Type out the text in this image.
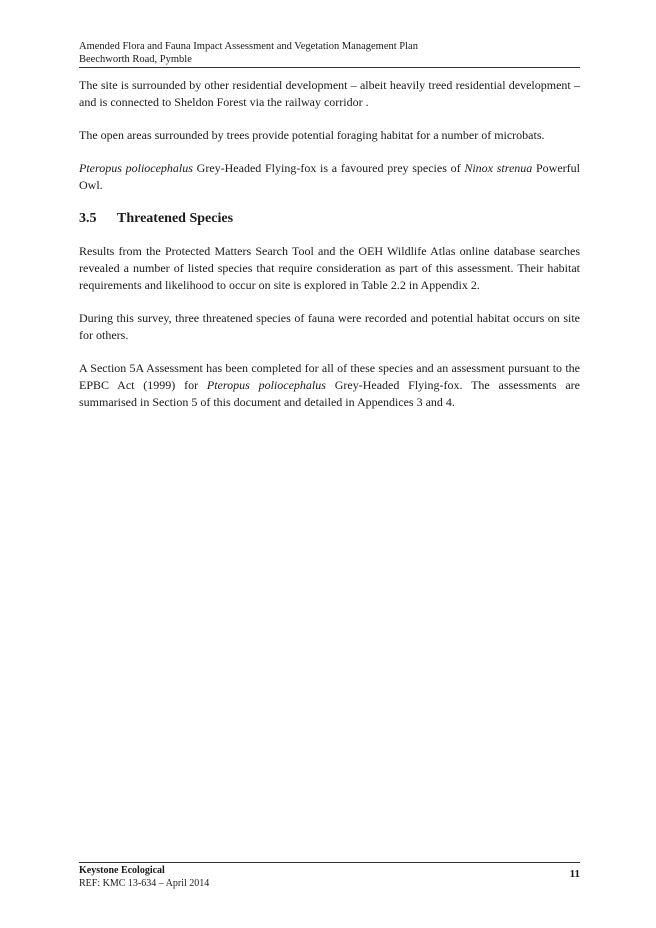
Amended Flora and Fauna Impact Assessment and Vegetation Management Plan
Beechworth Road, Pymble

The site is surrounded by other residential development – albeit heavily treed residential development – and is connected to Sheldon Forest via the railway corridor .

The open areas surrounded by trees provide potential foraging habitat for a number of microbats.

Pteropus poliocephalus Grey-Headed Flying-fox is a favoured prey species of Ninox strenua Powerful Owl.

3.5	Threatened Species

Results from the Protected Matters Search Tool and the OEH Wildlife Atlas online database searches revealed a number of listed species that require consideration as part of this assessment. Their habitat requirements and likelihood to occur on site is explored in Table 2.2 in Appendix 2.

During this survey, three threatened species of fauna were recorded and potential habitat occurs on site for others.

A Section 5A Assessment has been completed for all of these species and an assessment pursuant to the EPBC Act (1999) for Pteropus poliocephalus Grey-Headed Flying-fox. The assessments are summarised in Section 5 of this document and detailed in Appendices 3 and 4.

Keystone Ecological
REF: KMC 13-634 – April 2014
11
